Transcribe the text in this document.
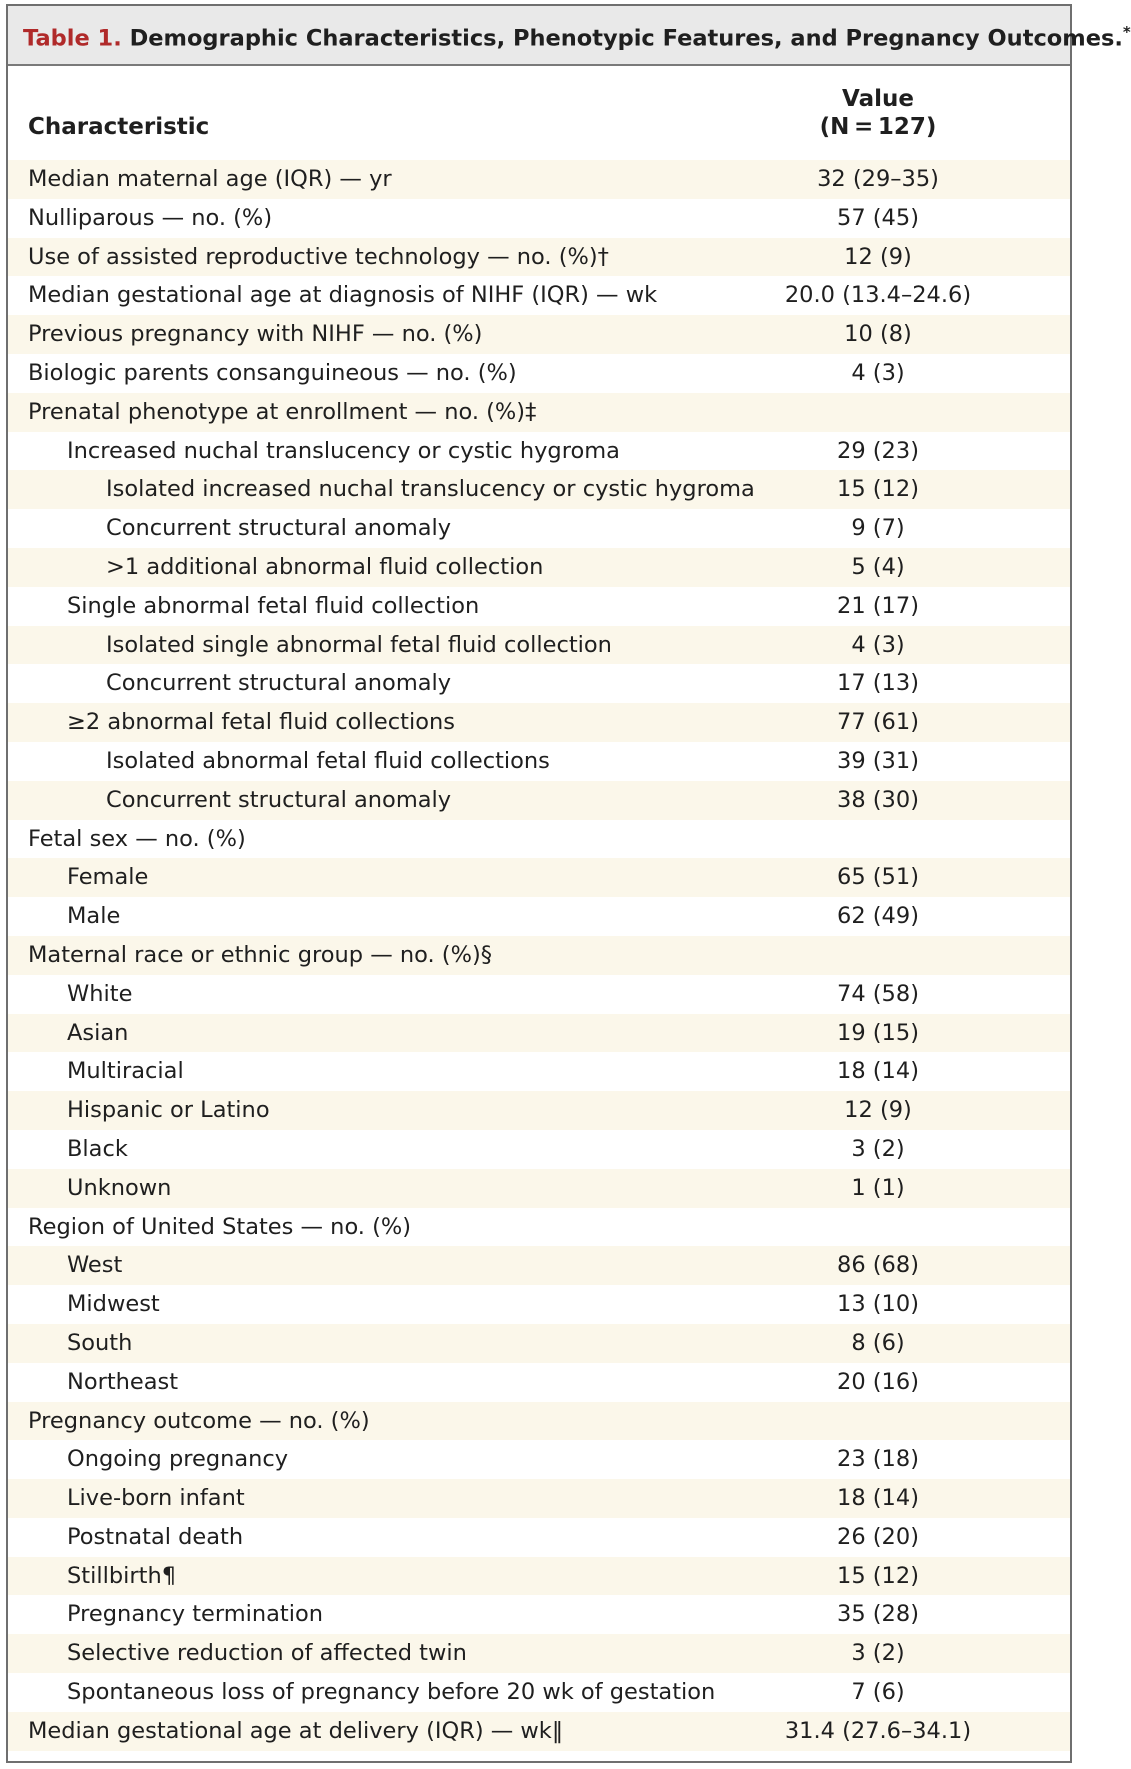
Table 1. Demographic Characteristics, Phenotypic Features, and Pregnancy Outcomes.*
Characteristic
Value
(N = 127)
Median maternal age (IQR) — yr	32 (29–35)
Nulliparous — no. (%)	57 (45)
Use of assisted reproductive technology — no. (%)†	12 (9)
Median gestational age at diagnosis of NIHF (IQR) — wk	20.0 (13.4–24.6)
Previous pregnancy with NIHF — no. (%)	10 (8)
Biologic parents consanguineous — no. (%)	4 (3)
Prenatal phenotype at enrollment — no. (%)‡
Increased nuchal translucency or cystic hygroma	29 (23)
Isolated increased nuchal translucency or cystic hygroma	15 (12)
Concurrent structural anomaly	9 (7)
>1 additional abnormal fluid collection	5 (4)
Single abnormal fetal fluid collection	21 (17)
Isolated single abnormal fetal fluid collection	4 (3)
Concurrent structural anomaly	17 (13)
≥2 abnormal fetal fluid collections	77 (61)
Isolated abnormal fetal fluid collections	39 (31)
Concurrent structural anomaly	38 (30)
Fetal sex — no. (%)
Female	65 (51)
Male	62 (49)
Maternal race or ethnic group — no. (%)§
White	74 (58)
Asian	19 (15)
Multiracial	18 (14)
Hispanic or Latino	12 (9)
Black	3 (2)
Unknown	1 (1)
Region of United States — no. (%)
West	86 (68)
Midwest	13 (10)
South	8 (6)
Northeast	20 (16)
Pregnancy outcome — no. (%)
Ongoing pregnancy	23 (18)
Live-born infant	18 (14)
Postnatal death	26 (20)
Stillbirth¶	15 (12)
Pregnancy termination	35 (28)
Selective reduction of affected twin	3 (2)
Spontaneous loss of pregnancy before 20 wk of gestation	7 (6)
Median gestational age at delivery (IQR) — wk‖	31.4 (27.6–34.1)
